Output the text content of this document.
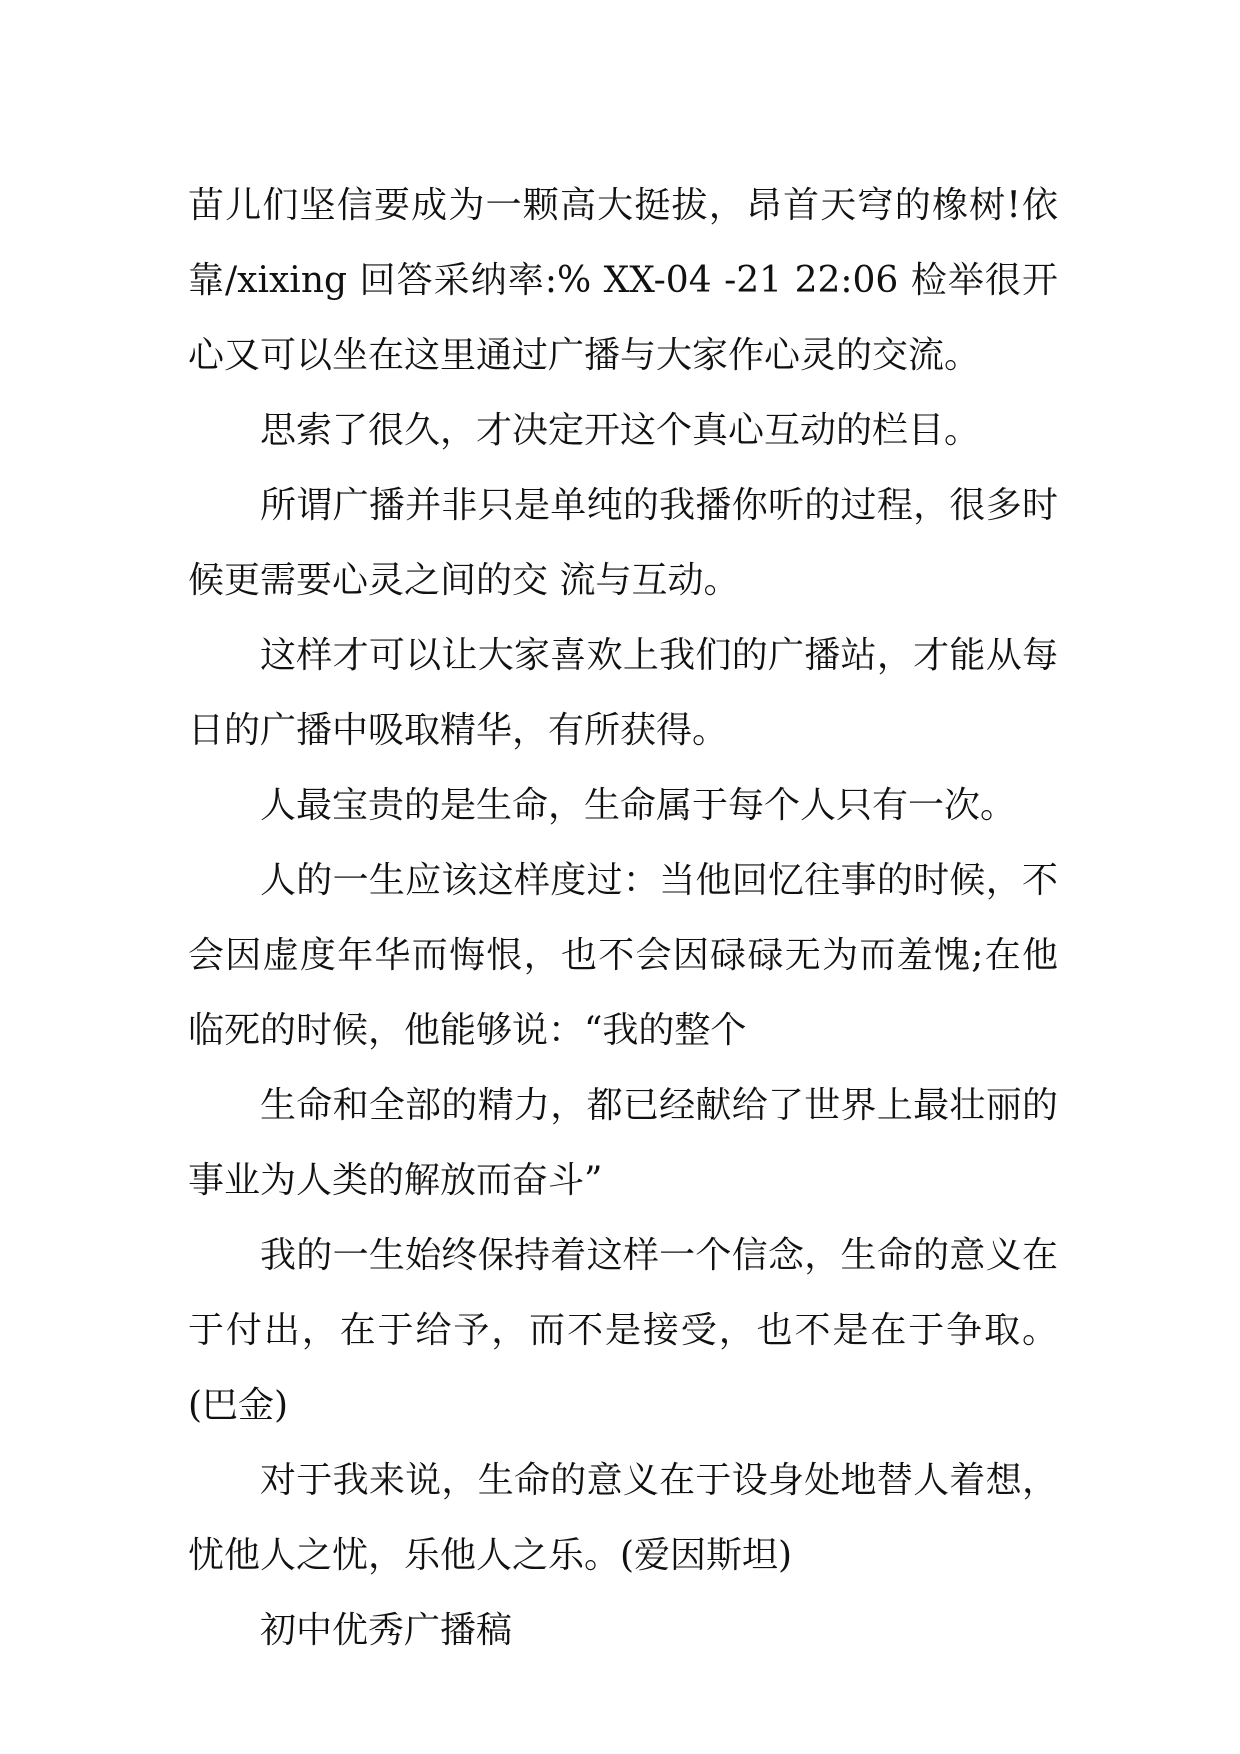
苗儿们坚信要成为一颗高大挺拔，昂首天穹的橡树!依靠/xixing 回答采纳率:% XX-04 -21 22:06 检举很开心又可以坐在这里通过广播与大家作心灵的交流。

思索了很久，才决定开这个真心互动的栏目。

所谓广播并非只是单纯的我播你听的过程，很多时候更需要心灵之间的交 流与互动。

这样才可以让大家喜欢上我们的广播站，才能从每日的广播中吸取精华，有所获得。

人最宝贵的是生命，生命属于每个人只有一次。

人的一生应该这样度过：当他回忆往事的时候，不会因虚度年华而悔恨，也不会因碌碌无为而羞愧;在他临死的时候，他能够说：“我的整个

生命和全部的精力，都已经献给了世界上最壮丽的事业为人类的解放而奋斗”

我的一生始终保持着这样一个信念，生命的意义在于付出，在于给予，而不是接受，也不是在于争取。(巴金)

对于我来说，生命的意义在于设身处地替人着想，忧他人之忧，乐他人之乐。(爱因斯坦)

初中优秀广播稿
